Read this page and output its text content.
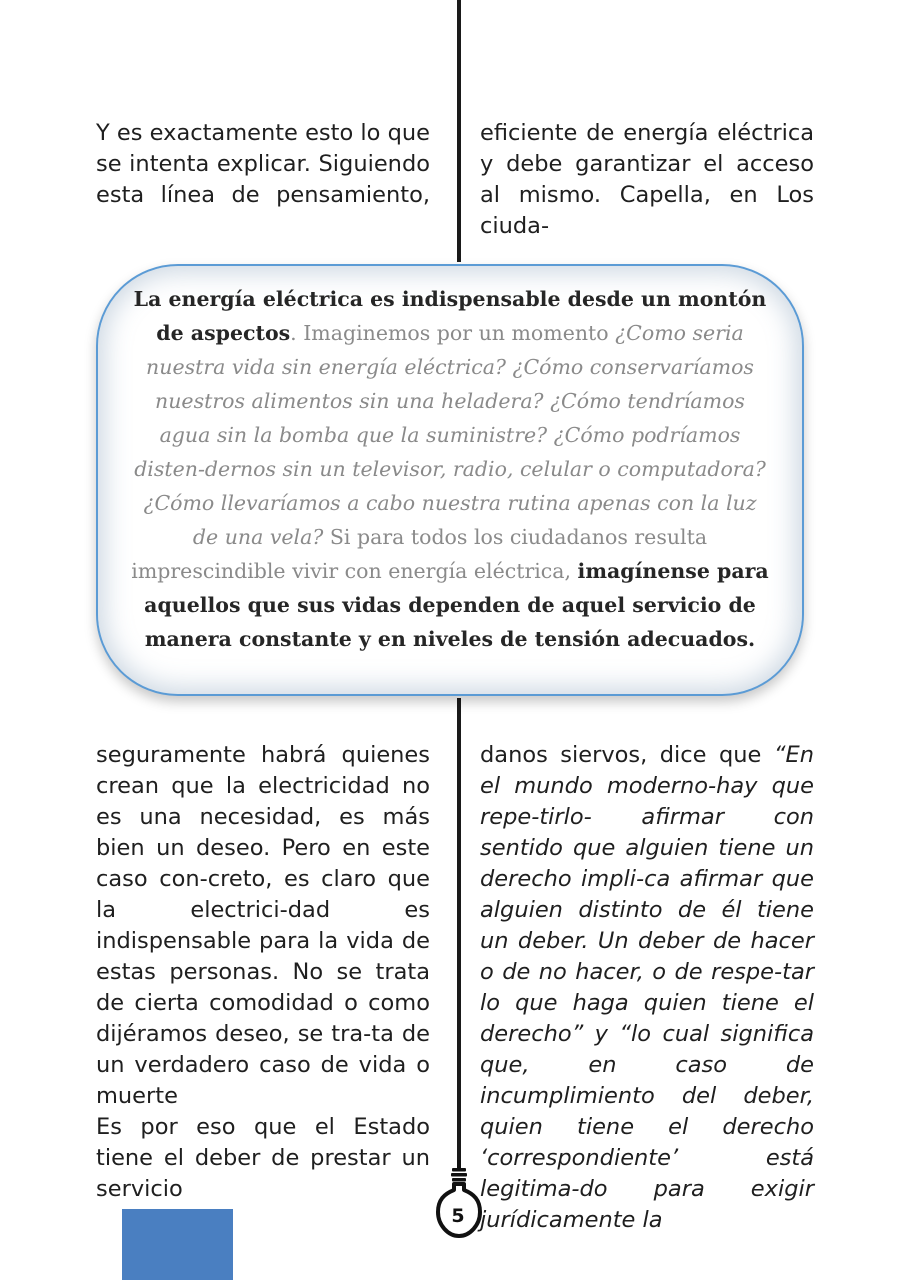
Y es exactamente esto lo que se intenta explicar. Siguiendo esta línea de pensamiento,

eficiente de energía eléctrica y debe garantizar el acceso al mismo. Capella, en Los ciuda-

La energía eléctrica es indispensable desde un montón de aspectos. Imaginemos por un momento ¿Como seria nuestra vida sin energía eléctrica? ¿Cómo conservaríamos nuestros alimentos sin una heladera? ¿Cómo tendríamos agua sin la bomba que la suministre? ¿Cómo podríamos disten-dernos sin un televisor, radio, celular o computadora? ¿Cómo llevaríamos a cabo nuestra rutina apenas con la luz de una vela? Si para todos los ciudadanos resulta imprescindible vivir con energía eléctrica, imagínense para aquellos que sus vidas dependen de aquel servicio de manera constante y en niveles de tensión adecuados.

seguramente habrá quienes crean que la electricidad no es una necesidad, es más bien un deseo. Pero en este caso con-creto, es claro que la electrici-dad es indispensable para la vida de estas personas. No se trata de cierta comodidad o como dijéramos deseo, se tra-ta de un verdadero caso de vida o muerte

Es por eso que el Estado tiene el deber de prestar un servicio

danos siervos, dice que “En el mundo moderno-hay que repe-tirlo- afirmar con sentido que alguien tiene un derecho impli-ca afirmar que alguien distinto de él tiene un deber. Un deber de hacer o de no hacer, o de respe-tar lo que haga quien tiene el derecho” y “lo cual significa que, en caso de incumplimiento del deber, quien tiene el derecho ‘correspondiente’ está legitima-do para exigir jurídicamente la

5
